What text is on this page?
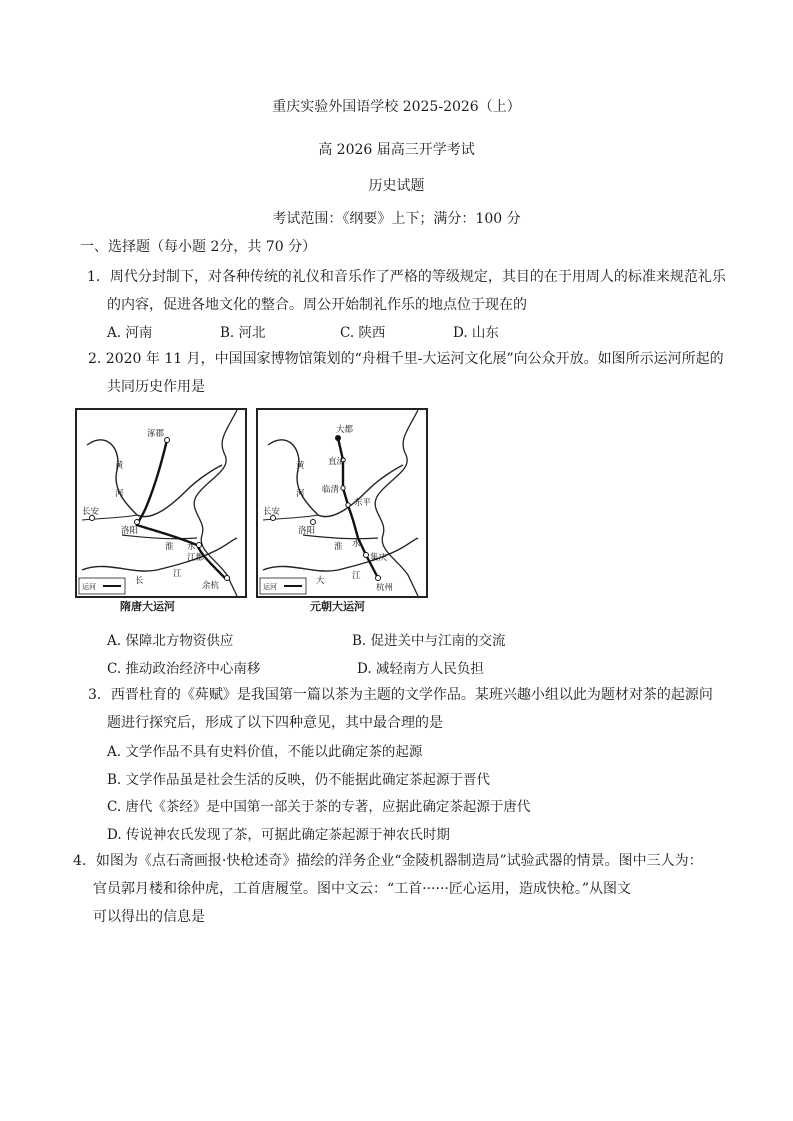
重庆实验外国语学校 2025-2026（上）
高 2026 届高三开学考试
历史试题
考试范围：《纲要》上下；满分：100 分
一、选择题（每小题 2分，共 70 分）
1．周代分封制下，对各种传统的礼仪和音乐作了严格的等级规定，其目的在于用周人的标准来规范礼乐
的内容，促进各地文化的整合。周公开始制礼作乐的地点位于现在的
A. 河南	B. 河北	C. 陕西	D. 山东
2. 2020 年 11 月，中国国家博物馆策划的“舟楫千里-大运河文化展”向公众开放。如图所示运河所起的
共同历史作用是
涿郡
黄
河
长安
洛阳
淮 水
江都
长
江
余杭
运河
隋唐大运河
大都
直沽
黄
河 临清
东平
长安
洛阳
淮 水
集庆
大	江
杭州
运河
元朝大运河
A. 保障北方物资供应	B. 促进关中与江南的交流
C. 推动政治经济中心南移	D. 减轻南方人民负担
3．西晋杜育的《荈赋》是我国第一篇以茶为主题的文学作品。某班兴趣小组以此为题材对茶的起源问
题进行探究后，形成了以下四种意见，其中最合理的是
A. 文学作品不具有史料价值，不能以此确定茶的起源
B. 文学作品虽是社会生活的反映，仍不能据此确定茶起源于晋代
C. 唐代《茶经》是中国第一部关于茶的专著，应据此确定茶起源于唐代
D. 传说神农氏发现了茶，可据此确定茶起源于神农氏时期
4．如图为《点石斋画报·快枪述奇》描绘的洋务企业“金陵机器制造局”试验武器的情景。图中三人为：
官员郭月楼和徐仲虎，工首唐履堂。图中文云：“工首······匠心运用，造成快枪。”从图文
可以得出的信息是
